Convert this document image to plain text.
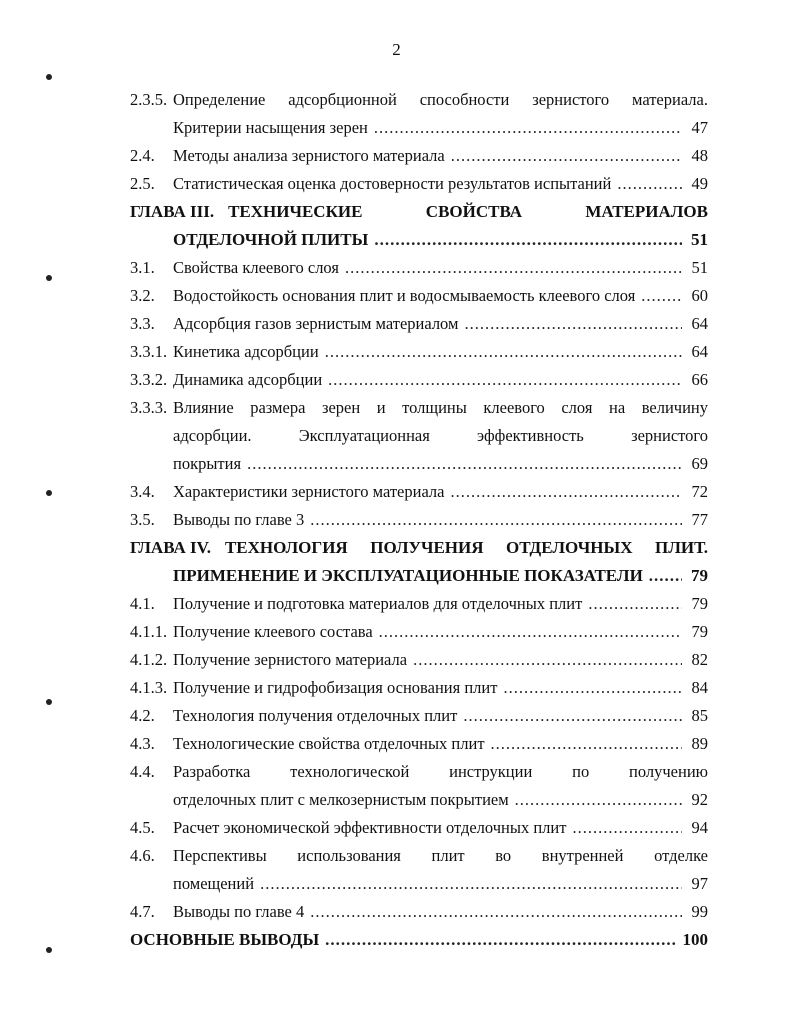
2
2.3.5. Определение адсорбционной способности зернистого материала.
Критерии насыщения зерен .....	47
2.4.	Методы анализа зернистого материала .....	48
2.5.	Статистическая оценка достоверности результатов испытаний .....	49
ГЛАВА III. ТЕХНИЧЕСКИЕ СВОЙСТВА МАТЕРИАЛОВ
ОТДЕЛОЧНОЙ ПЛИТЫ .....	51
3.1.	Свойства клеевого слоя .....	51
3.2.	Водостойкость основания плит и водосмываемость клеевого слоя .....	60
3.3.	Адсорбция газов зернистым материалом .....	64
3.3.1. Кинетика адсорбции .....	64
3.3.2. Динамика адсорбции .....	66
3.3.3. Влияние размера зерен и толщины клеевого слоя на величину
адсорбции. Эксплуатационная эффективность зернистого
покрытия .....	69
3.4.	Характеристики зернистого материала .....	72
3.5.	Выводы по главе 3 .....	77
ГЛАВА IV. ТЕХНОЛОГИЯ ПОЛУЧЕНИЯ ОТДЕЛОЧНЫХ ПЛИТ.
ПРИМЕНЕНИЕ И ЭКСПЛУАТАЦИОННЫЕ ПОКАЗАТЕЛИ .....	79
4.1.	Получение и подготовка материалов для отделочных плит .....	79
4.1.1. Получение клеевого состава .....	79
4.1.2. Получение зернистого материала .....	82
4.1.3. Получение и гидрофобизация основания плит .....	84
4.2.	Технология получения отделочных плит .....	85
4.3.	Технологические свойства отделочных плит .....	89
4.4.	Разработка технологической инструкции по получению
отделочных плит с мелкозернистым покрытием .....	92
4.5.	Расчет экономической эффективности отделочных плит .....	94
4.6.	Перспективы использования плит во внутренней отделке
помещений .....	97
4.7.	Выводы по главе 4 .....	99
ОСНОВНЫЕ ВЫВОДЫ .....	100
